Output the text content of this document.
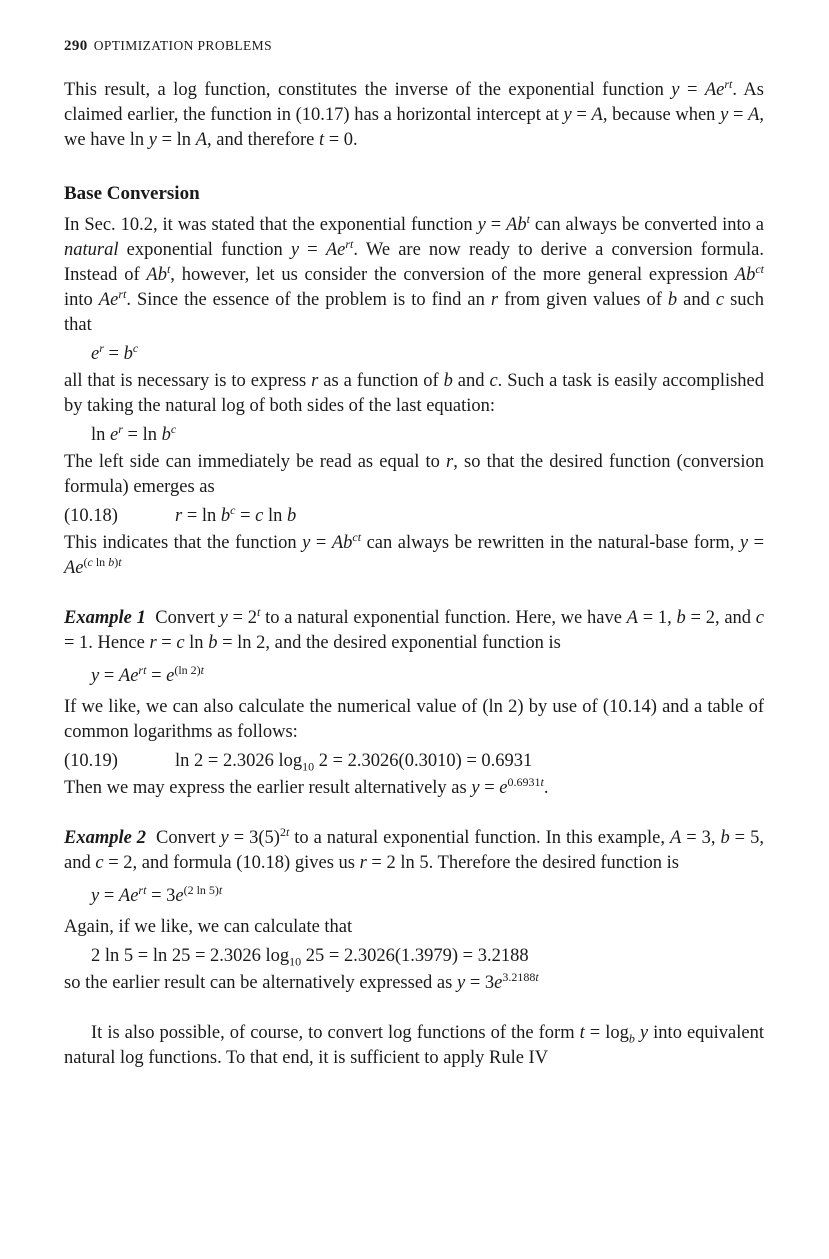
290 OPTIMIZATION PROBLEMS

This result, a log function, constitutes the inverse of the exponential function $y = Ae^{rt}$. As claimed earlier, the function in (10.17) has a horizontal intercept at y = A, because when y = A, we have ln y = ln A, and therefore t = 0.

Base Conversion

In Sec. 10.2, it was stated that the exponential function $y = Ab^t$ can always be converted into a natural exponential function $y = Ae^{rt}$. We are now ready to derive a conversion formula. Instead of Ab$^t$, however, let us consider the conversion of the more general expression $Ab^{ct}$ into $Ae^{rt}$. Since the essence of the problem is to find an r from given values of b and c such that

$e^r = b^c$

all that is necessary is to express r as a function of b and c. Such a task is easily accomplished by taking the natural log of both sides of the last equation:

$\ln e^r = \ln b^c$

The left side can immediately be read as equal to r, so that the desired function (conversion formula) emerges as

(10.18)	$r = \ln b^c = c$ ln b

This indicates that the function $y = Ab^{ct}$ can always be rewritten in the natural-base form, $y = Ae^{(c ln b)t}$

Example 1  Convert $y = 2^t$ to a natural exponential function. Here, we have A = 1, b = 2, and c = 1. Hence r = c ln b = ln 2, and the desired exponential function is

$y = Ae^{rt} = e^{(ln 2)t}$

If we like, we can also calculate the numerical value of (ln 2) by use of (10.14) and a table of common logarithms as follows:

(10.19)	ln 2 = 2.3026 $\log_{10} 2 = 2.3026(0.3010) = 0.6931$

Then we may express the earlier result alternatively as $y = e^{0.6931t}$.

Example 2  Convert $y = 3(5)^{2t}$ to a natural exponential function. In this example, A = 3, b = 5, and c = 2, and formula (10.18) gives us r = 2 ln 5. Therefore the desired function is

$y = Ae^{rt} = 3e^{(2 ln 5)t}$

Again, if we like, we can calculate that

2 ln 5 = ln 25 = 2.3026 $\log_{10} 25 = 2.3026(1.3979) = 3.2188$

so the earlier result can be alternatively expressed as $y = 3e^{3.2188t}$

It is also possible, of course, to convert log functions of the form $t = \log_b y$ into equivalent natural log functions. To that end, it is sufficient to apply Rule IV
